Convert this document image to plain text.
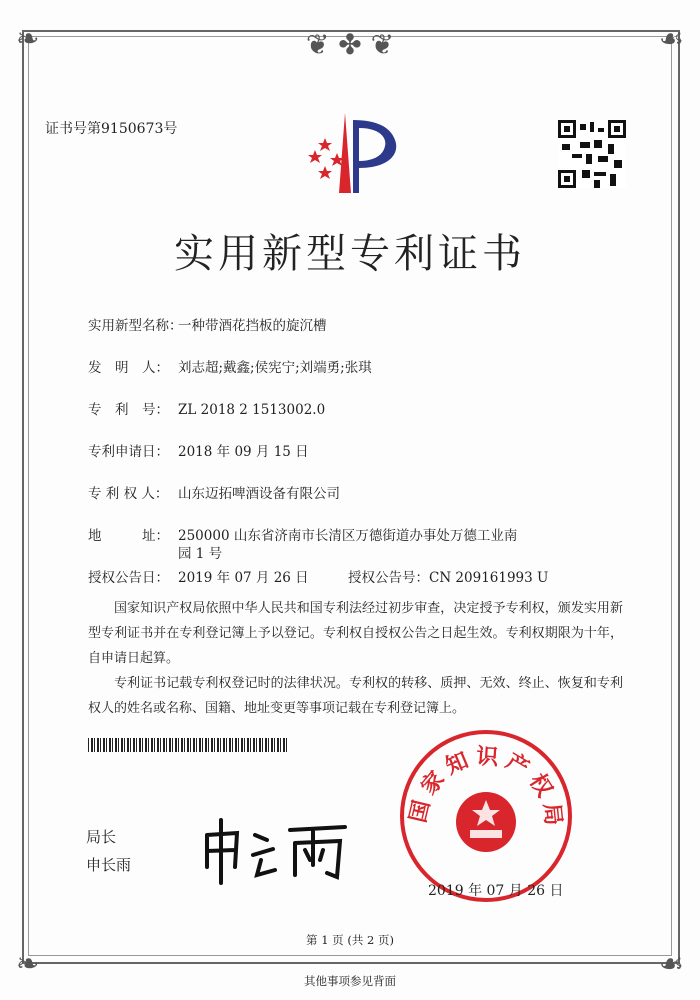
❦ ✤ ❦
❧	☙
❧	☙
证书号第9150673号
实用新型专利证书
实用新型名称：一种带酒花挡板的旋沉槽
发　明　人： 刘志超;戴鑫;侯宪宁;刘端勇;张琪
专　利　号： ZL 2018 2 1513002.0
专利申请日： 2018 年 09 月 15 日
专 利 权 人： 山东迈拓啤酒设备有限公司
地　　　址： 250000 山东省济南市长清区万德街道办事处万德工业南
园 1 号
授权公告日： 2019 年 07 月 26 日	授权公告号：CN 209161993 U
国家知识产权局依照中华人民共和国专利法经过初步审查，决定授予专利权，颁发实用新型专利证书并在专利登记簿上予以登记。专利权自授权公告之日起生效。专利权期限为十年，自申请日起算。
专利证书记载专利权登记时的法律状况。专利权的转移、质押、无效、终止、恢复和专利权人的姓名或名称、国籍、地址变更等事项记载在专利登记簿上。
局长
申长雨
国家知识产权局
2019 年 07 月 26 日
第 1 页 (共 2 页)
其他事项参见背面
